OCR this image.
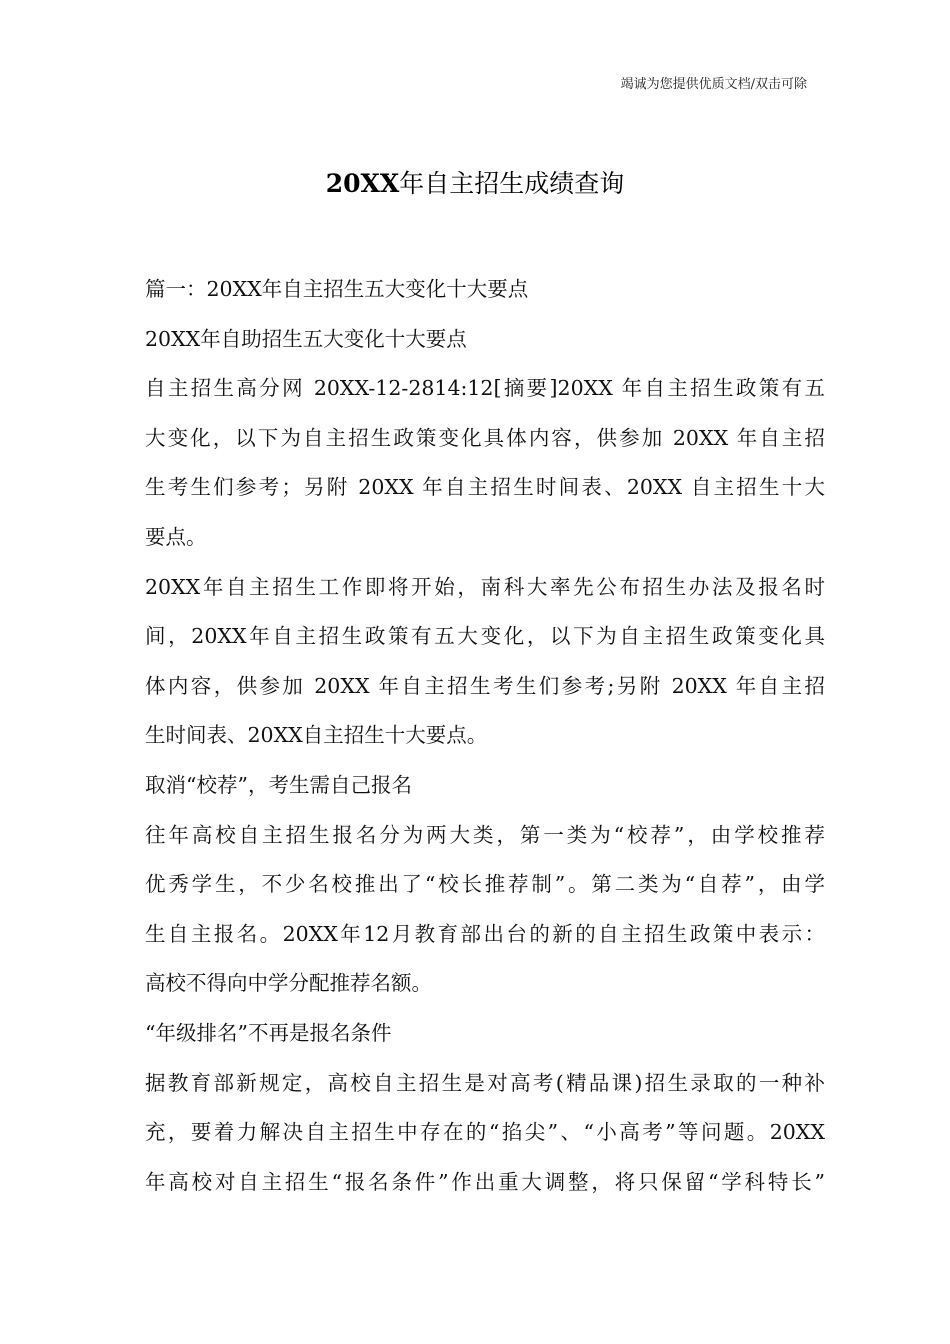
竭诚为您提供优质文档/双击可除
20XX年自主招生成绩查询
篇一：20XX年自主招生五大变化十大要点
20XX年自助招生五大变化十大要点
自主招生高分网 20XX-12-2814:12[摘要]20XX 年自主招生政策有五
大变化，以下为自主招生政策变化具体内容，供参加 20XX 年自主招
生考生们参考；另附 20XX 年自主招生时间表、20XX 自主招生十大
要点。
20XX年自主招生工作即将开始，南科大率先公布招生办法及报名时
间，20XX年自主招生政策有五大变化，以下为自主招生政策变化具
体内容，供参加 20XX 年自主招生考生们参考;另附 20XX 年自主招
生时间表、20XX自主招生十大要点。
取消“校荐”，考生需自己报名
往年高校自主招生报名分为两大类，第一类为“校荐”，由学校推荐
优秀学生，不少名校推出了“校长推荐制”。第二类为“自荐”，由学
生自主报名。20XX年12月教育部出台的新的自主招生政策中表示：
高校不得向中学分配推荐名额。
“年级排名”不再是报名条件
据教育部新规定，高校自主招生是对高考(精品课)招生录取的一种补
充，要着力解决自主招生中存在的“掐尖”、“小高考”等问题。20XX
年高校对自主招生“报名条件”作出重大调整，将只保留“学科特长”
